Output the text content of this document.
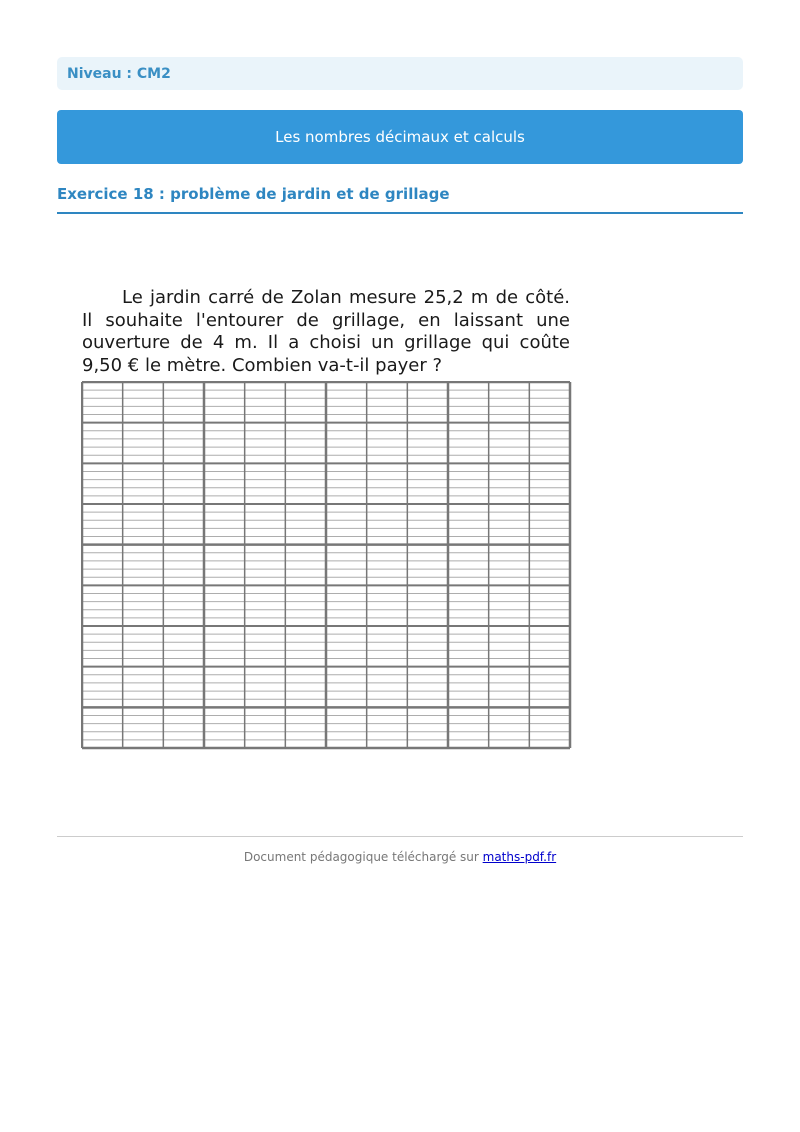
Niveau : CM2
Les nombres décimaux et calculs
Exercice 18 : problème de jardin et de grillage

Le jardin carré de Zolan mesure 25,2 m de côté. Il souhaite l'entourer de grillage, en laissant une ouverture de 4 m. Il a choisi un grillage qui coûte 9,50 € le mètre. Combien va-t-il payer ?

Document pédagogique téléchargé sur maths-pdf.fr
